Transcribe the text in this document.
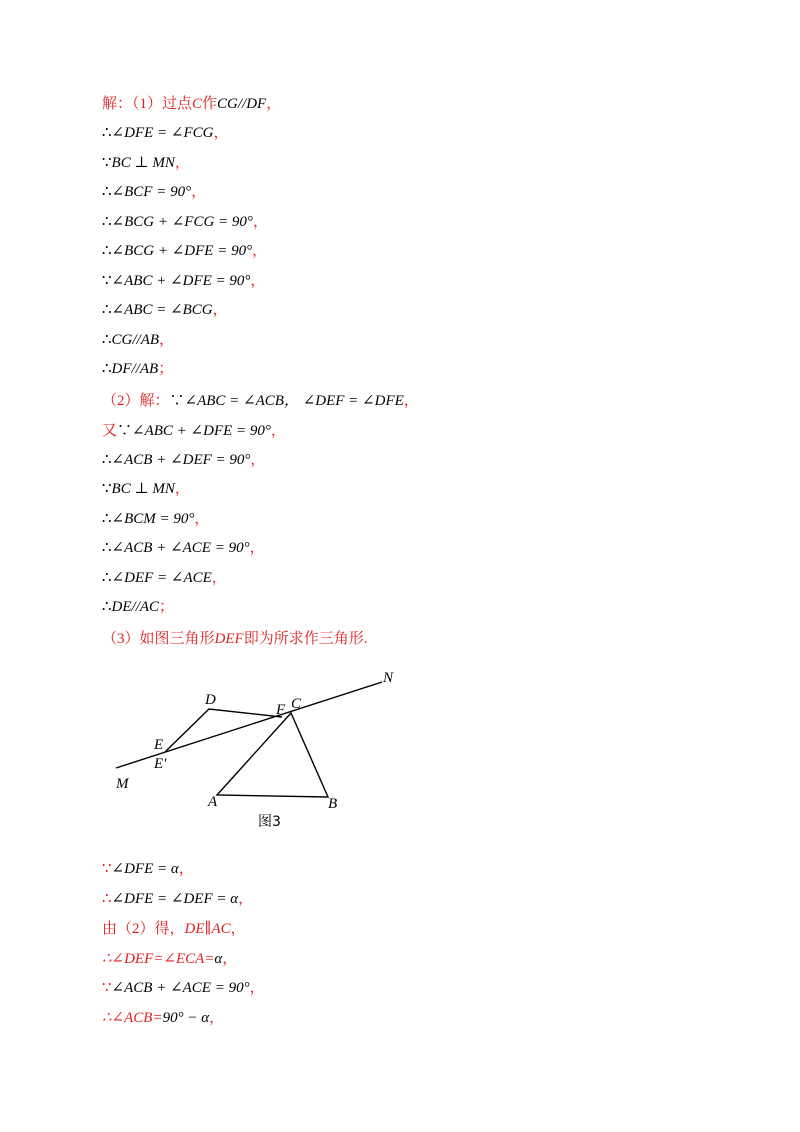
解：（1）过点C作CG//DF，
∴∠DFE = ∠FCG，
∵BC ⊥ MN，
∴∠BCF = 90°，
∴∠BCG + ∠FCG = 90°，
∴∠BCG + ∠DFE = 90°，
∵∠ABC + ∠DFE = 90°，
∴∠ABC = ∠BCG，
∴CG//AB，
∴DF//AB；
（2）解：∵∠ABC = ∠ACB， ∠DEF = ∠DFE，
又∵∠ABC + ∠DFE = 90°，
∴∠ACB + ∠DEF = 90°，
∵BC ⊥ MN，
∴∠BCM = 90°，
∴∠ACB + ∠ACE = 90°，
∴∠DEF = ∠ACE，
∴DE//AC；
（3）如图三角形DEF即为所求作三角形.
N
D
F C
E
E'
M
A	B
图3
∵∠DFE = α，
∴∠DFE = ∠DEF = α，
由（2）得，DE∥AC，
∴∠DEF=∠ECA=α，
∵∠ACB + ∠ACE = 90°，
∴∠ACB=90° − α，
